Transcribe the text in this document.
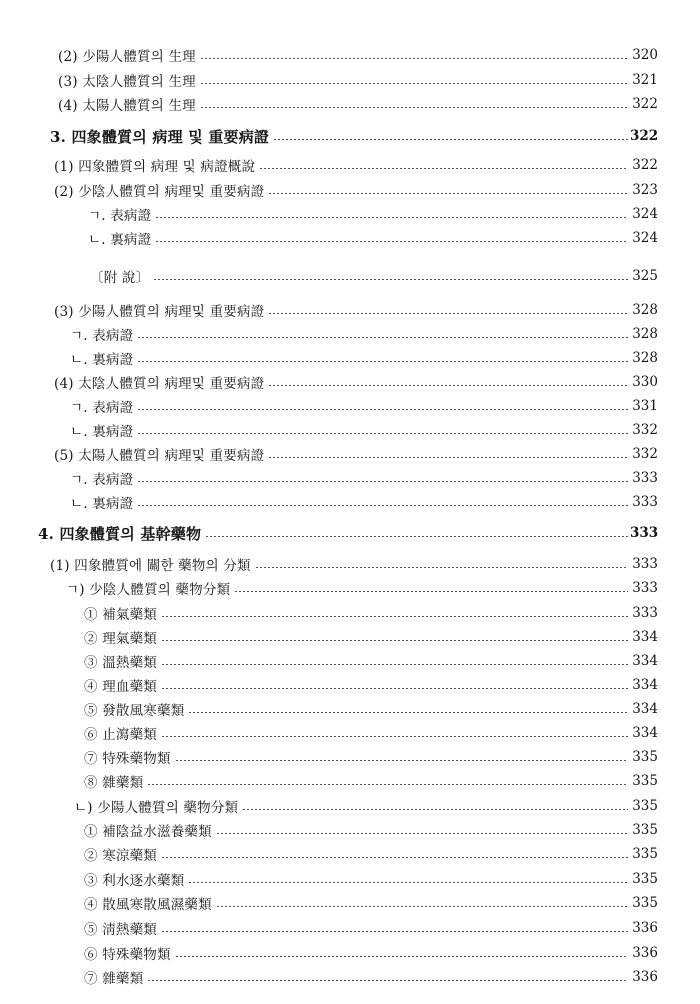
(2) 少陽人體質의 生理	320
(3) 太陰人體質의 生理	321
(4) 太陽人體質의 生理	322
3. 四象體質의 病理 및 重要病證	322
(1) 四象體質의 病理 및 病證概說	322
(2) 少陰人體質의 病理및 重要病證	323
ㄱ. 表病證	324
ㄴ. 裏病證	324
〔附 說〕	325
(3) 少陽人體質의 病理및 重要病證	328
ㄱ. 表病證	328
ㄴ. 裏病證	328
(4) 太陰人體質의 病理및 重要病證	330
ㄱ. 表病證	331
ㄴ. 裏病證	332
(5) 太陽人體質의 病理및 重要病證	332
ㄱ. 表病證	333
ㄴ. 裏病證	333
4. 四象體質의 基幹藥物	333
(1) 四象體質에 關한 藥物의 分類	333
ㄱ) 少陰人體質의 藥物分類	333
① 補氣藥類	333
② 理氣藥類	334
③ 溫熱藥類	334
④ 理血藥類	334
⑤ 發散風寒藥類	334
⑥ 止瀉藥類	334
⑦ 特殊藥物類	335
⑧ 雜藥類	335
ㄴ) 少陽人體質의 藥物分類	335
① 補陰益水滋養藥類	335
② 寒涼藥類	335
③ 利水逐水藥類	335
④ 散風寒散風濕藥類	335
⑤ 淸熱藥類	336
⑥ 特殊藥物類	336
⑦ 雜藥類	336
